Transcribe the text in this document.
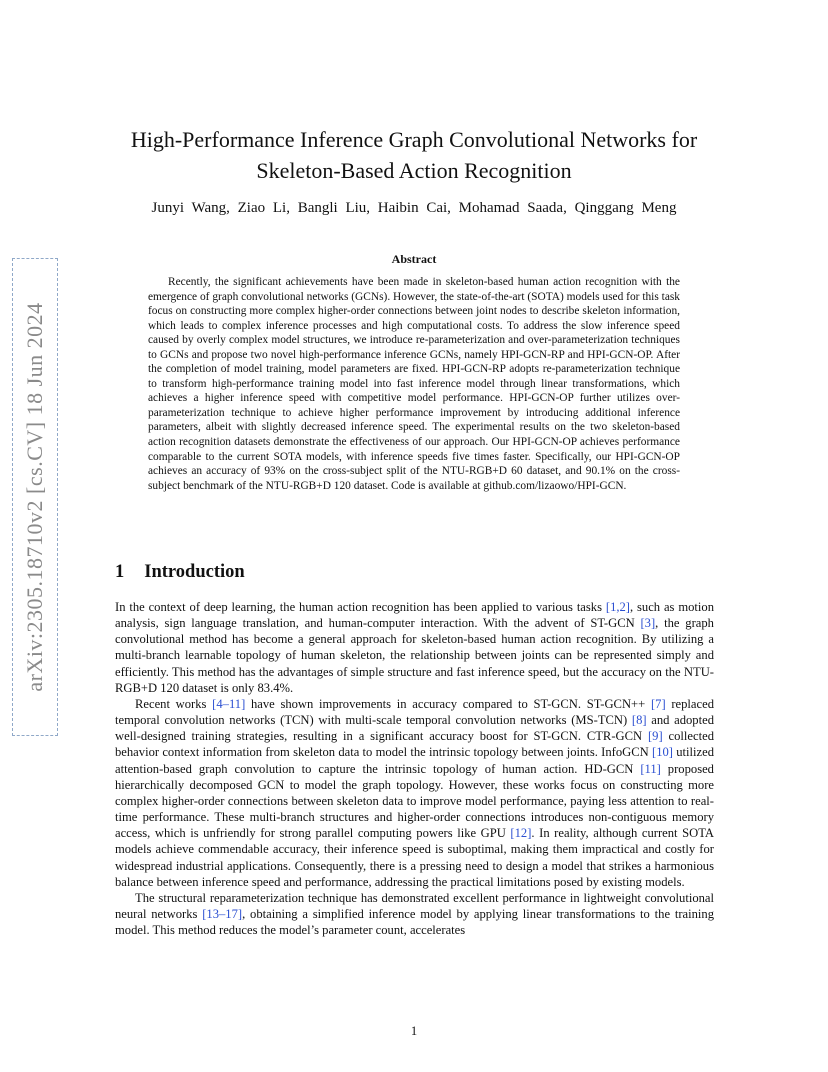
arXiv:2305.18710v2 [cs.CV] 18 Jun 2024
High-Performance Inference Graph Convolutional Networks for Skeleton-Based Action Recognition
Junyi Wang, Ziao Li, Bangli Liu, Haibin Cai, Mohamad Saada, Qinggang Meng
Abstract

Recently, the significant achievements have been made in skeleton-based human action recognition with the emergence of graph convolutional networks (GCNs). However, the state-of-the-art (SOTA) models used for this task focus on constructing more complex higher-order connections between joint nodes to describe skeleton information, which leads to complex inference processes and high computational costs. To address the slow inference speed caused by overly complex model structures, we introduce re-parameterization and over-parameterization techniques to GCNs and propose two novel high-performance inference GCNs, namely HPI-GCN-RP and HPI-GCN-OP. After the completion of model training, model parameters are fixed. HPI-GCN-RP adopts re-parameterization technique to transform high-performance training model into fast inference model through linear transformations, which achieves a higher inference speed with competitive model performance. HPI-GCN-OP further utilizes over-parameterization technique to achieve higher performance improvement by introducing additional inference parameters, albeit with slightly decreased inference speed. The experimental results on the two skeleton-based action recognition datasets demonstrate the effectiveness of our approach. Our HPI-GCN-OP achieves performance comparable to the current SOTA models, with inference speeds five times faster. Specifically, our HPI-GCN-OP achieves an accuracy of 93% on the cross-subject split of the NTU-RGB+D 60 dataset, and 90.1% on the cross-subject benchmark of the NTU-RGB+D 120 dataset. Code is available at github.com/lizaowo/HPI-GCN.

1 Introduction

In the context of deep learning, the human action recognition has been applied to various tasks [1,2], such as motion analysis, sign language translation, and human-computer interaction. With the advent of ST-GCN [3], the graph convolutional method has become a general approach for skeleton-based human action recognition. By utilizing a multi-branch learnable topology of human skeleton, the relationship between joints can be represented simply and efficiently. This method has the advantages of simple structure and fast inference speed, but the accuracy on the NTU-RGB+D 120 dataset is only 83.4%.

Recent works [4–11] have shown improvements in accuracy compared to ST-GCN. ST-GCN++ [7] replaced temporal convolution networks (TCN) with multi-scale temporal convolution networks (MS-TCN) [8] and adopted well-designed training strategies, resulting in a significant accuracy boost for ST-GCN. CTR-GCN [9] collected behavior context information from skeleton data to model the intrinsic topology between joints. InfoGCN [10] utilized attention-based graph convolution to capture the intrinsic topology of human action. HD-GCN [11] proposed hierarchically decomposed GCN to model the graph topology. However, these works focus on constructing more complex higher-order connections between skeleton data to improve model performance, paying less attention to real-time performance. These multi-branch structures and higher-order connections introduces non-contiguous memory access, which is unfriendly for strong parallel computing powers like GPU [12]. In reality, although current SOTA models achieve commendable accuracy, their inference speed is suboptimal, making them impractical and costly for widespread industrial applications. Consequently, there is a pressing need to design a model that strikes a harmonious balance between inference speed and performance, addressing the practical limitations posed by existing models.

The structural reparameterization technique has demonstrated excellent performance in lightweight convolutional neural networks [13–17], obtaining a simplified inference model by applying linear transformations to the training model. This method reduces the model’s parameter count, accelerates

1
